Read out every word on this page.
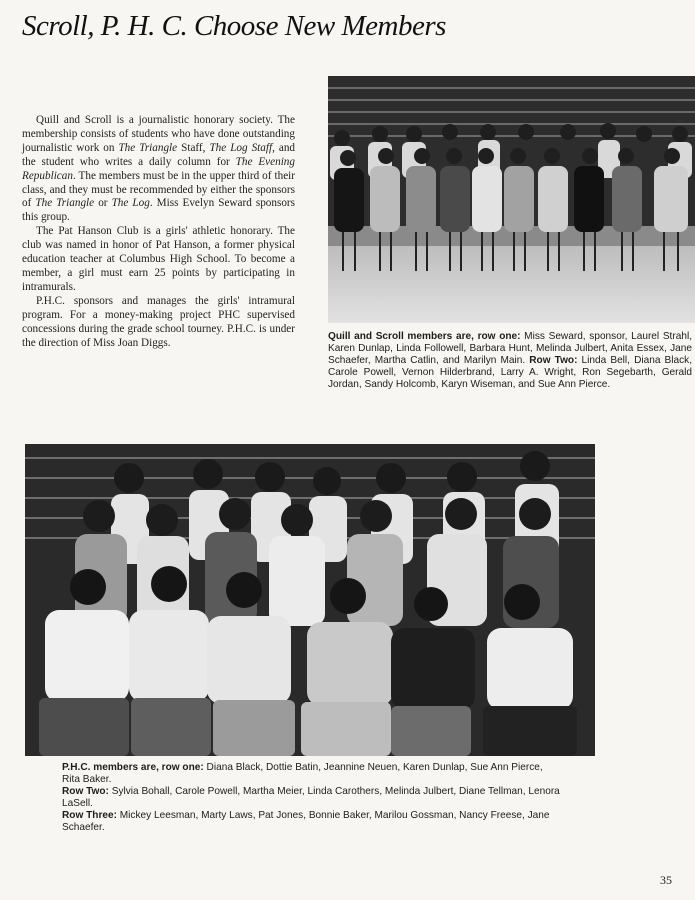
Scroll, P. H. C. Choose New Members

Quill and Scroll is a journalistic honorary society. The membership consists of students who have done outstanding journalistic work on The Triangle Staff, The Log Staff, and the student who writes a daily column for The Evening Republican. The members must be in the upper third of their class, and they must be recommended by either the sponsors of The Triangle or The Log. Miss Evelyn Seward sponsors this group.

The Pat Hanson Club is a girls' athletic honorary. The club was named in honor of Pat Hanson, a former physical education teacher at Columbus High School. To become a member, a girl must earn 25 points by participating in intramurals.

P.H.C. sponsors and manages the girls' intramural program. For a money-making project PHC supervised concessions during the grade school tourney. P.H.C. is under the direction of Miss Joan Diggs.	Quill and Scroll members are, row one: Miss Seward, sponsor, Laurel Strahl, Karen Dunlap, Linda Followell, Barbara Hunt, Melinda Julbert, Anita Essex, Jane Schaefer, Martha Catlin, and Marilyn Main. Row Two: Linda Bell, Diana Black, Carole Powell, Vernon Hilderbrand, Larry A. Wright, Ron Segebarth, Gerald Jordan, Sandy Holcomb, Karyn Wiseman, and Sue Ann Pierce.
P.H.C. members are, row one: Diana Black, Dottie Batin, Jeannine Neuen, Karen Dunlap, Sue Ann Pierce, Rita Baker.
Row Two: Sylvia Bohall, Carole Powell, Martha Meier, Linda Carothers, Melinda Julbert, Diane Tellman, Lenora LaSell.
Row Three: Mickey Leesman, Marty Laws, Pat Jones, Bonnie Baker, Marilou Gossman, Nancy Freese, Jane Schaefer.
35
